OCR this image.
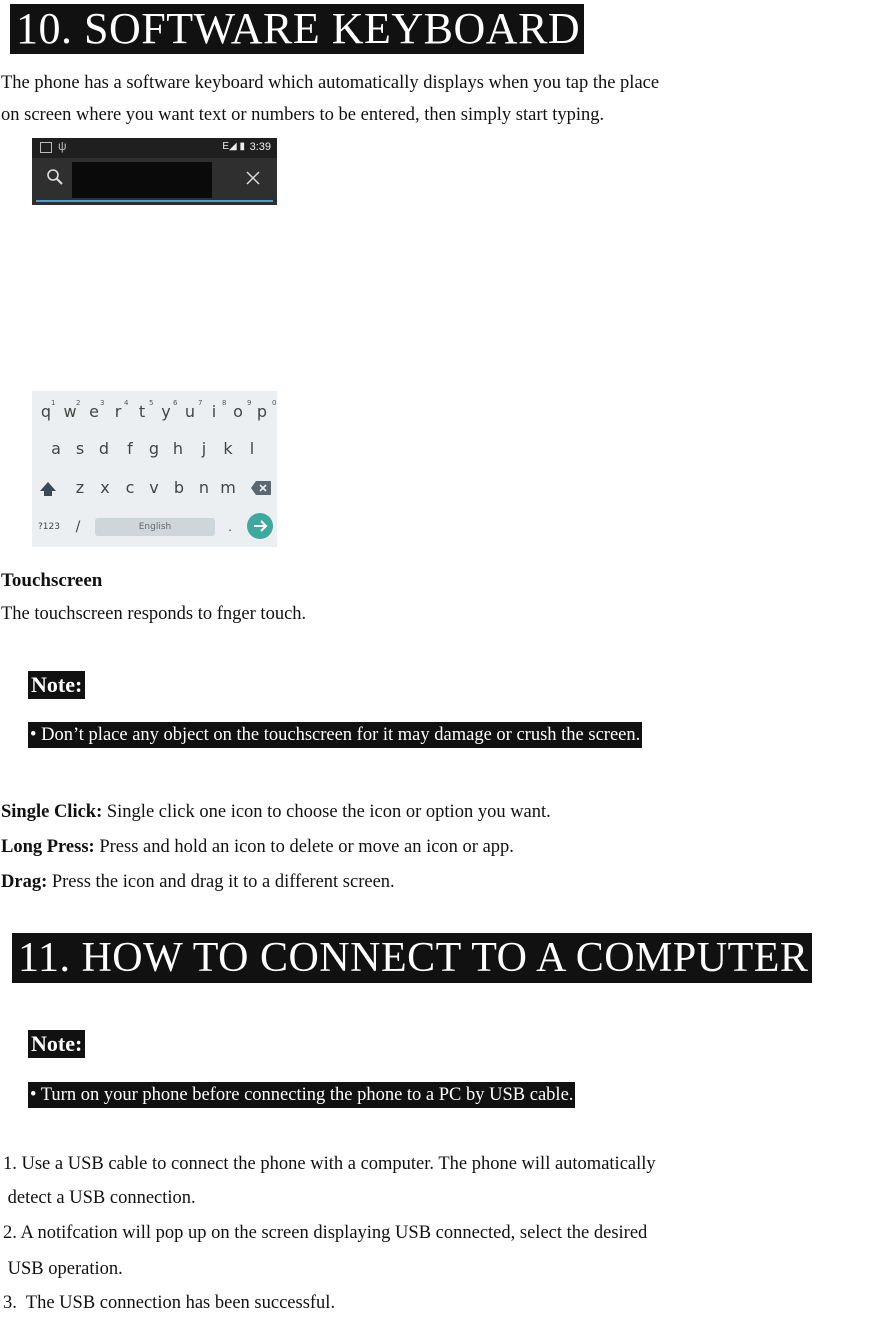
10. SOFTWARE KEYBOARD
The phone has a software keyboard which automatically displays when you tap the place
on screen where you want text or numbers to be entered, then simply start typing.
ψ	E◢ ▮ 3:39
1	2	3	4	5	6	7	8	9	0
q w e r	t	y u	i	o p
a s d	f	g h	j	k	l
z	x c v b n m
?123	/	English	.
Touchscreen
The touchscreen responds to fnger touch.
Note:
• Don’t place any object on the touchscreen for it may damage or crush the screen.
Single Click: Single click one icon to choose the icon or option you want.
Long Press: Press and hold an icon to delete or move an icon or app.
Drag: Press the icon and drag it to a different screen.
11. HOW TO CONNECT TO A COMPUTER
Note:
• Turn on your phone before connecting the phone to a PC by USB cable.
1. Use a USB cable to connect the phone with a computer. The phone will automatically
detect a USB connection.
2. A notifcation will pop up on the screen displaying USB connected, select the desired
USB operation.
3.  The USB connection has been successful.
